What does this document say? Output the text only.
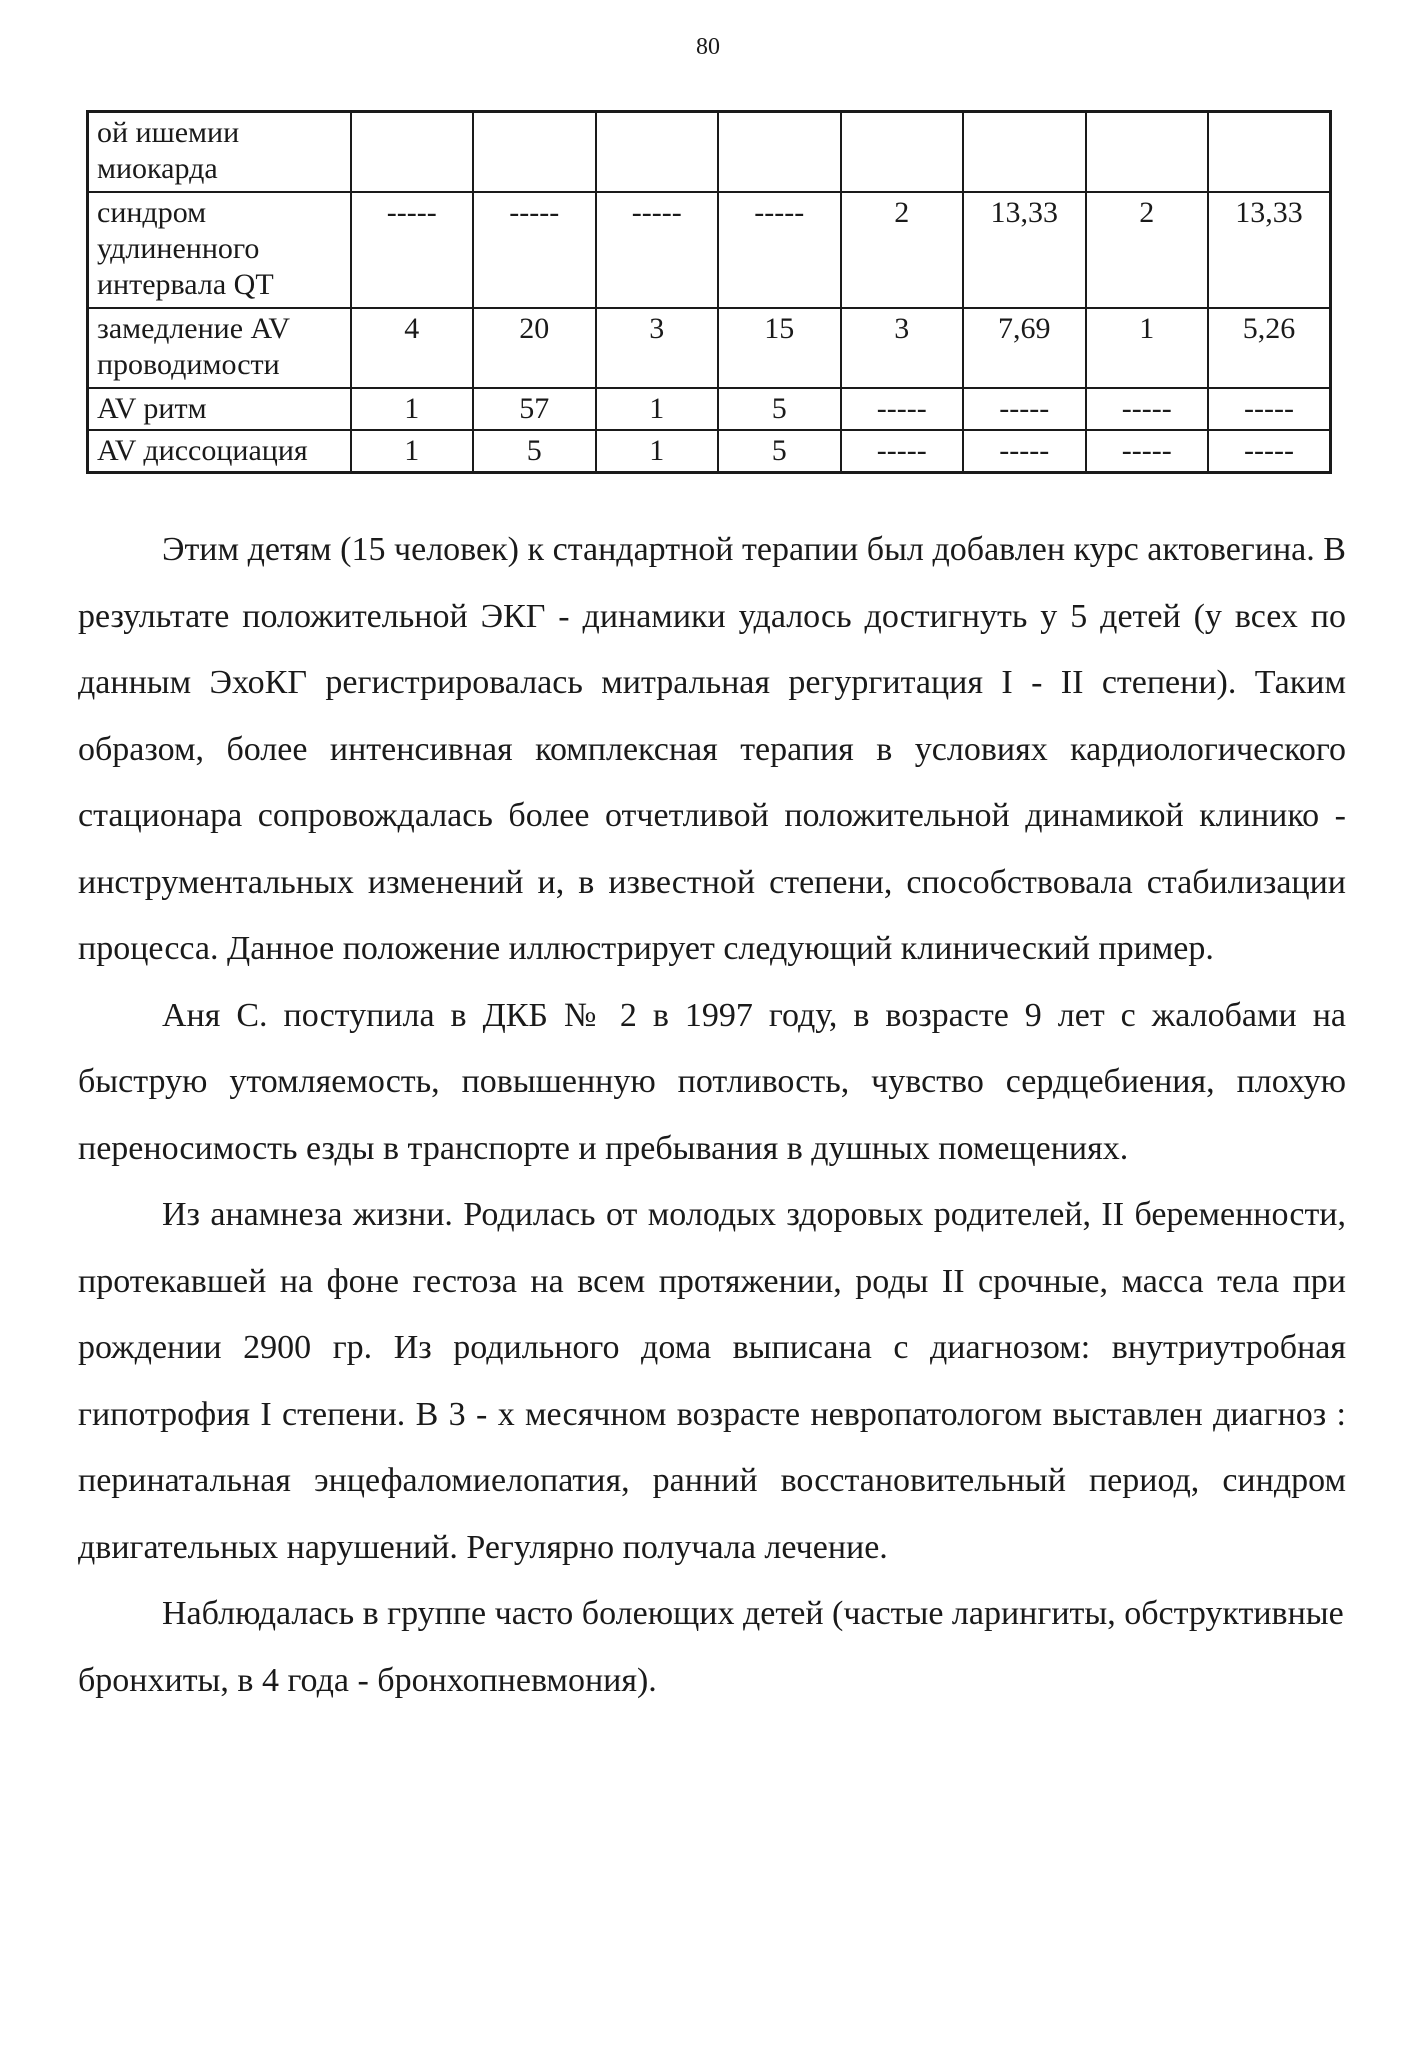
80
ой ишемии миокарда								
синдром удлиненного интервала QT	-----	-----	-----	-----	2	13,33	2	13,33
замедление AV проводимости	4	20	3	15	3	7,69	1	5,26
AV ритм	1	57	1	5	-----	-----	-----	-----
AV диссоциация	1	5	1	5	-----	-----	-----	-----

Этим детям (15 человек) к стандартной терапии был добавлен курс актовегина. В результате положительной ЭКГ - динамики удалось достигнуть у 5 детей (у всех по данным ЭхоКГ регистрировалась митральная регургитация I - II степени). Таким образом, более интенсивная комплексная терапия в условиях кардиологического стационара сопровождалась более отчетливой положительной динамикой клинико - инструментальных изменений и, в известной степени, способствовала стабилизации процесса. Данное положение иллюстрирует следующий клинический пример.

Аня С. поступила в ДКБ № 2 в 1997 году, в возрасте 9 лет с жалобами на быструю утомляемость, повышенную потливость, чувство сердцебиения, плохую переносимость езды в транспорте и пребывания в душных помещениях.

Из анамнеза жизни. Родилась от молодых здоровых родителей, II беременности, протекавшей на фоне гестоза на всем протяжении, роды II срочные, масса тела при рождении 2900 гр. Из родильного дома выписана с диагнозом: внутриутробная гипотрофия I степени. В 3 - х месячном возрасте невропатологом выставлен диагноз : перинатальная энцефаломиелопатия, ранний восстановительный период, синдром двигательных нарушений. Регулярно получала лечение.

Наблюдалась в группе часто болеющих детей (частые ларингиты, обструктивные бронхиты, в 4 года - бронхопневмония).
